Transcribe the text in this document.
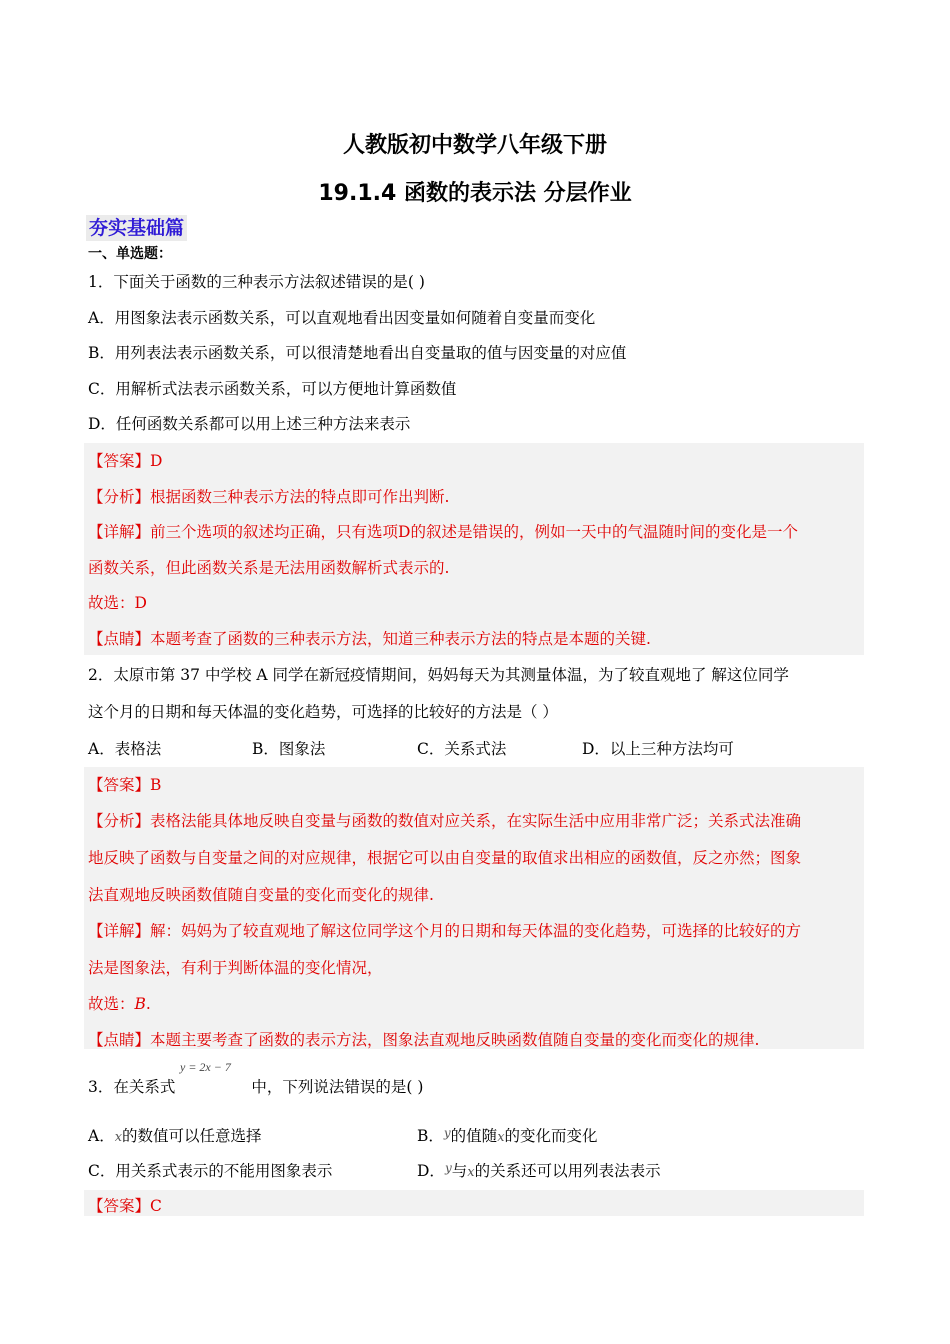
人教版初中数学八年级下册
19.1.4 函数的表示法 分层作业
夯实基础篇
一、单选题：
1．下面关于函数的三种表示方法叙述错误的是( )
A．用图象法表示函数关系，可以直观地看出因变量如何随着自变量而变化
B．用列表法表示函数关系，可以很清楚地看出自变量取的值与因变量的对应值
C．用解析式法表示函数关系，可以方便地计算函数值
D．任何函数关系都可以用上述三种方法来表示
【答案】D
【分析】根据函数三种表示方法的特点即可作出判断.
【详解】前三个选项的叙述均正确，只有选项D的叙述是错误的，例如一天中的气温随时间的变化是一个
函数关系，但此函数关系是无法用函数解析式表示的.
故选：D
【点睛】本题考查了函数的三种表示方法，知道三种表示方法的特点是本题的关键.
2．太原市第 37 中学校 A 同学在新冠疫情期间，妈妈每天为其测量体温，为了较直观地了 解这位同学
这个月的日期和每天体温的变化趋势，可选择的比较好的方法是（ ）
A．表格法	B．图象法	C．关系式法	D．以上三种方法均可
【答案】B
【分析】表格法能具体地反映自变量与函数的数值对应关系，在实际生活中应用非常广泛；关系式法准确
地反映了函数与自变量之间的对应规律，根据它可以由自变量的取值求出相应的函数值，反之亦然；图象
法直观地反映函数值随自变量的变化而变化的规律.
【详解】解：妈妈为了较直观地了解这位同学这个月的日期和每天体温的变化趋势，可选择的比较好的方
法是图象法，有利于判断体温的变化情况，
故选：B.
【点睛】本题主要考查了函数的表示方法，图象法直观地反映函数值随自变量的变化而变化的规律.
y = 2x − 7
3．在关系式	中，下列说法错误的是( )
A．x的数值可以任意选择	B．$^y$的值随x的变化而变化
C．用关系式表示的不能用图象表示	D．$^y$与x的关系还可以用列表法表示
【答案】C
